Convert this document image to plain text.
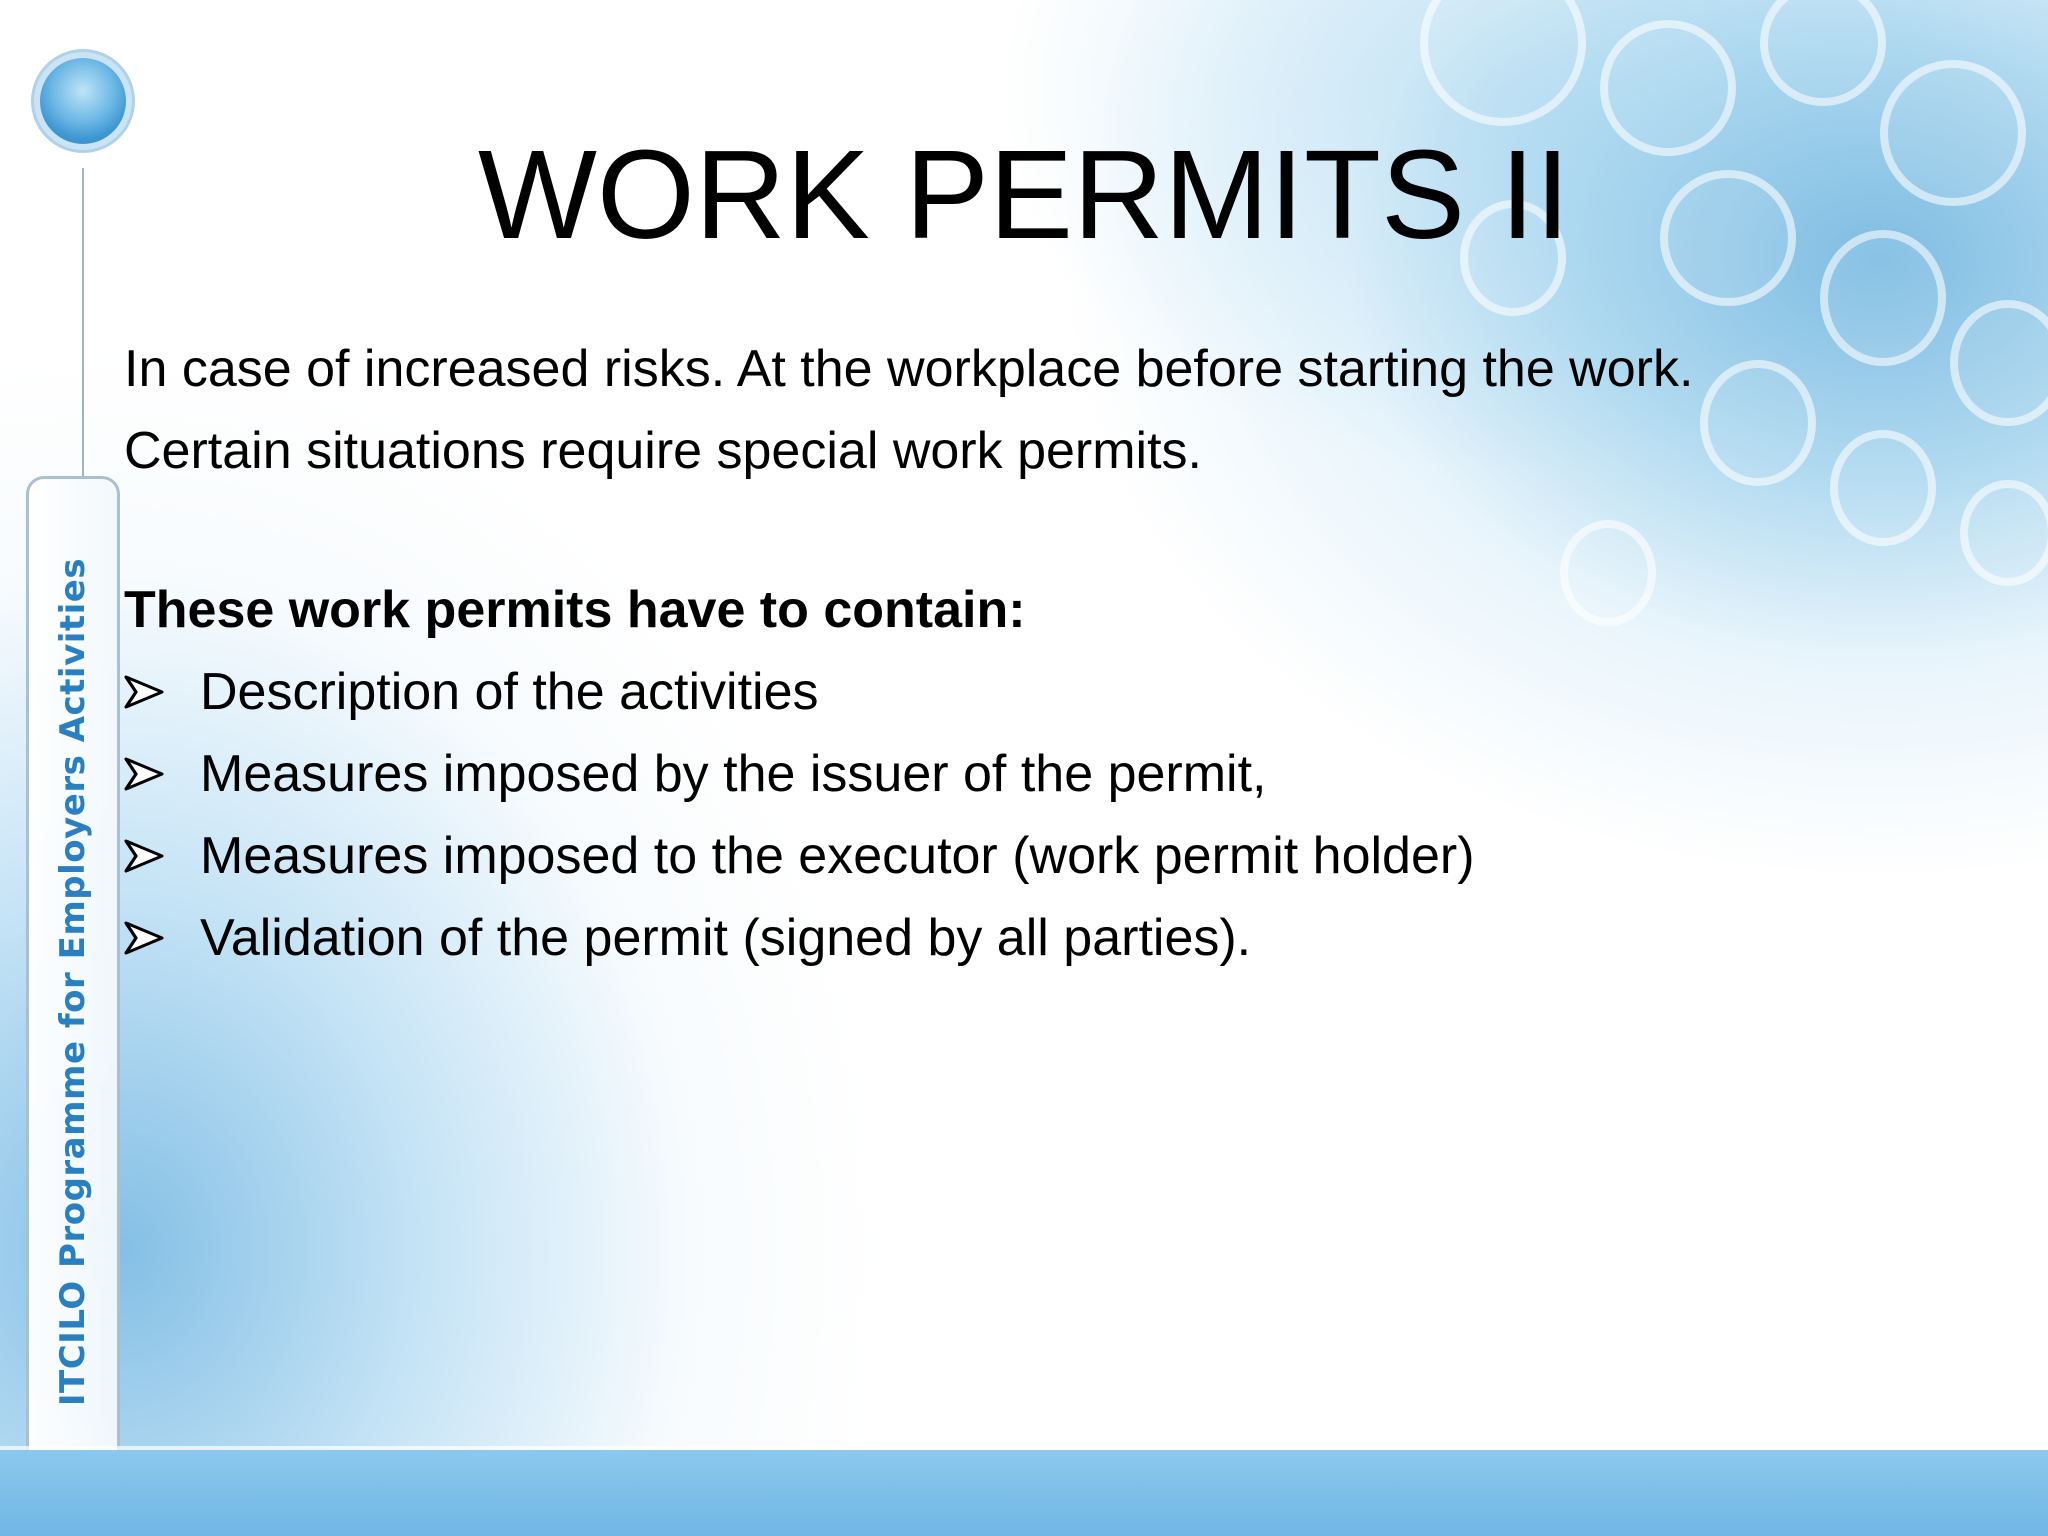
ITCILO Programme for Employers Activities
WORK PERMITS II
In case of increased risks. At the workplace before starting the work.
Certain situations require special work permits.
These work permits have to contain:
Description of the activities
Measures imposed by the issuer of the permit,
Measures imposed to the executor (work permit holder)
Validation of the permit (signed by all parties).
